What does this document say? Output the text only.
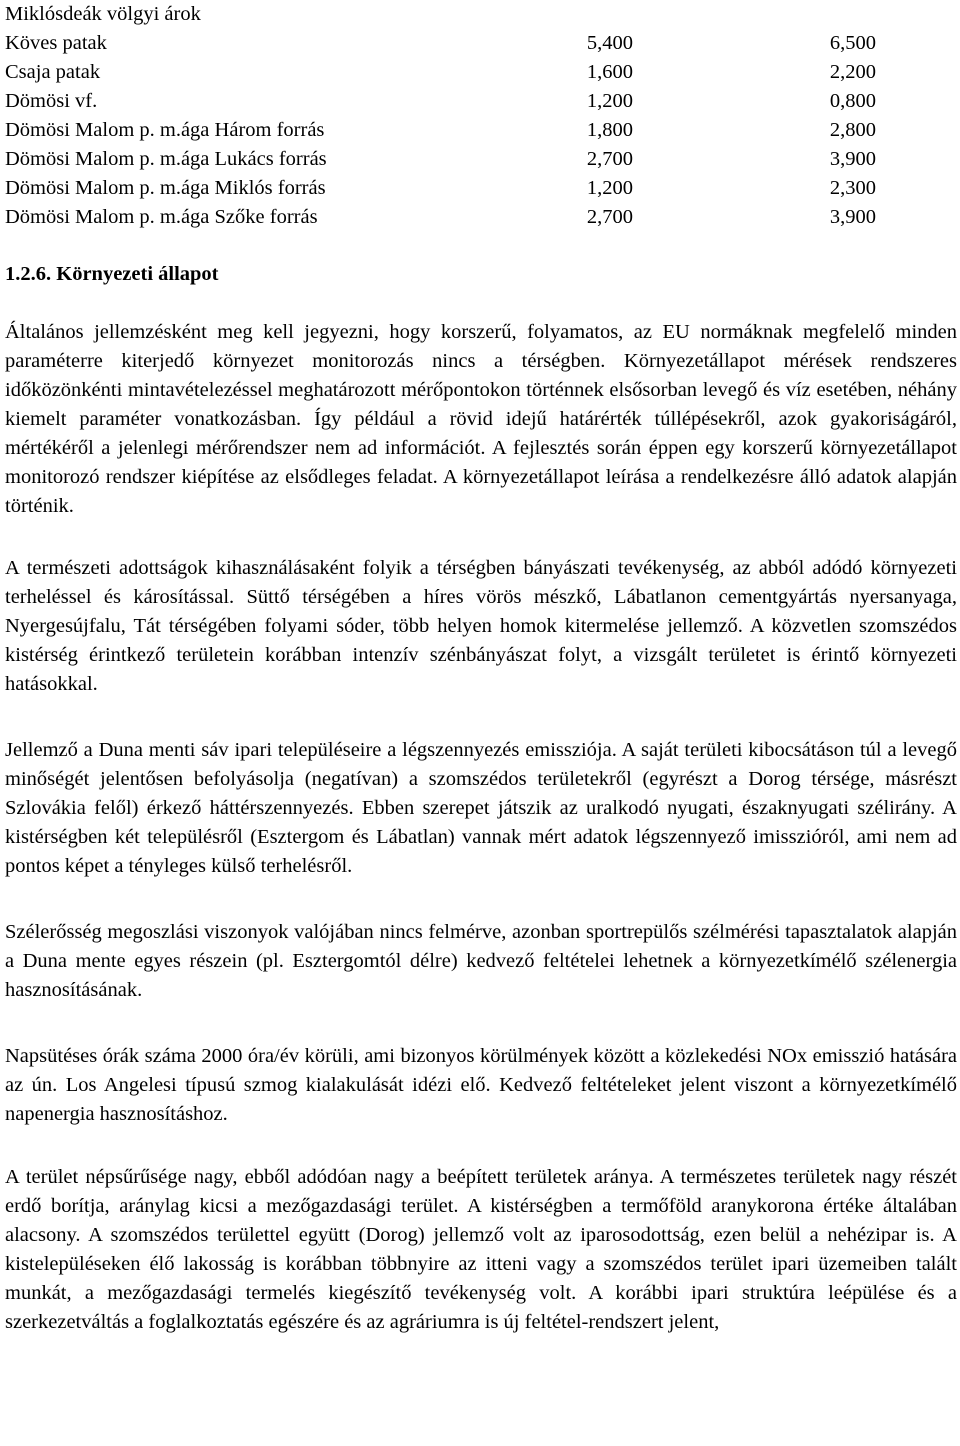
Miklósdeák völgyi árok
Köves patak	5,400	6,500
Csaja patak	1,600	2,200
Dömösi vf.	1,200	0,800
Dömösi Malom p. m.ága Három forrás	1,800	2,800
Dömösi Malom p. m.ága Lukács forrás	2,700	3,900
Dömösi Malom p. m.ága Miklós forrás	1,200	2,300
Dömösi Malom p. m.ága Szőke forrás	2,700	3,900
1.2.6. Környezeti állapot

Általános jellemzésként meg kell jegyezni, hogy korszerű, folyamatos, az EU normáknak megfelelő minden paraméterre kiterjedő környezet monitorozás nincs a térségben. Környezetállapot mérések rendszeres időközönkénti mintavételezéssel meghatározott mérőpontokon történnek elsősorban levegő és víz esetében, néhány kiemelt paraméter vonatkozásban. Így például a rövid idejű határérték túllépésekről, azok gyakoriságáról, mértékéről a jelenlegi mérőrendszer nem ad információt. A fejlesztés során éppen egy korszerű környezetállapot monitorozó rendszer kiépítése az elsődleges feladat. A környezetállapot leírása a rendelkezésre álló adatok alapján történik.

A természeti adottságok kihasználásaként folyik a térségben bányászati tevékenység, az abból adódó környezeti terheléssel és károsítással. Süttő térségében a híres vörös mészkő, Lábatlanon cementgyártás nyersanyaga, Nyergesújfalu, Tát térségében folyami sóder, több helyen homok kitermelése jellemző. A közvetlen szomszédos kistérség érintkező területein korábban intenzív szénbányászat folyt, a vizsgált területet is érintő környezeti hatásokkal.

Jellemző a Duna menti sáv ipari településeire a légszennyezés emissziója. A saját területi kibocsátáson túl a levegő minőségét jelentősen befolyásolja (negatívan) a szomszédos területekről (egyrészt a Dorog térsége, másrészt Szlovákia felől) érkező háttérszennyezés. Ebben szerepet játszik az uralkodó nyugati, északnyugati szélirány. A kistérségben két településről (Esztergom és Lábatlan) vannak mért adatok légszennyező imisszióról, ami nem ad pontos képet a tényleges külső terhelésről.

Szélerősség megoszlási viszonyok valójában nincs felmérve, azonban sportrepülős szélmérési tapasztalatok alapján a Duna mente egyes részein (pl. Esztergomtól délre) kedvező feltételei lehetnek a környezetkímélő szélenergia hasznosításának.

Napsütéses órák száma 2000 óra/év körüli, ami bizonyos körülmények között a közlekedési NOx emisszió hatására az ún. Los Angelesi típusú szmog kialakulását idézi elő. Kedvező feltételeket jelent viszont a környezetkímélő napenergia hasznosításhoz.

A terület népsűrűsége nagy, ebből adódóan nagy a beépített területek aránya. A természetes területek nagy részét erdő borítja, aránylag kicsi a mezőgazdasági terület. A kistérségben a termőföld aranykorona értéke általában alacsony. A szomszédos területtel együtt (Dorog) jellemző volt az iparosodottság, ezen belül a nehézipar is. A kistelepüléseken élő lakosság is korábban többnyire az itteni vagy a szomszédos terület ipari üzemeiben talált munkát, a mezőgazdasági termelés kiegészítő tevékenység volt. A korábbi ipari struktúra leépülése és a szerkezetváltás a foglalkoztatás egészére és az agráriumra is új feltétel-rendszert jelent,
